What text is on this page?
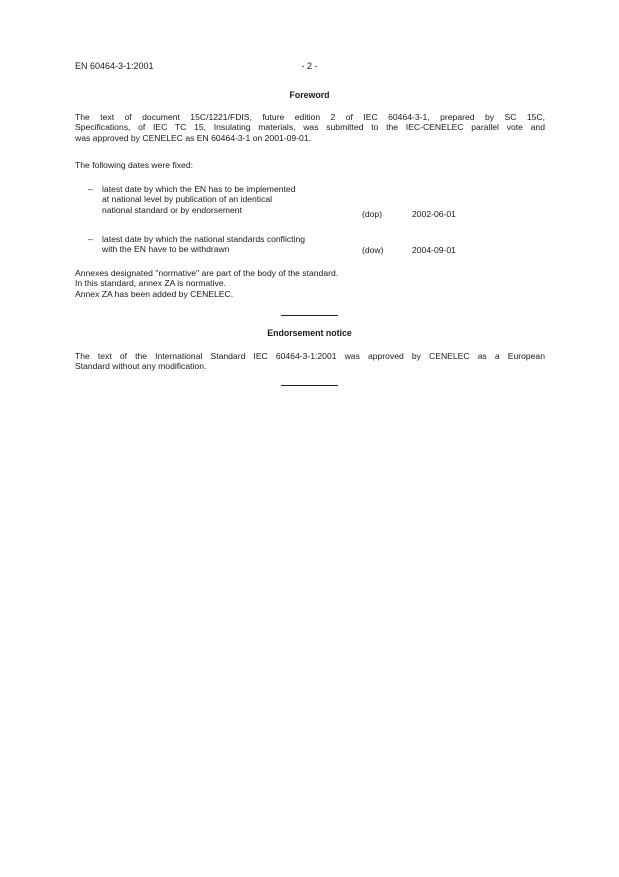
EN 60464-3-1:2001	- 2 -
Foreword
The text of document 15C/1221/FDIS, future edition 2 of IEC 60464-3-1, prepared by SC 15C,
Specifications, of IEC TC 15, Insulating materials, was submitted to the IEC-CENELEC parallel vote and
was approved by CENELEC as EN 60464-3-1 on 2001-09-01.
The following dates were fixed:
– latest date by which the EN has to be implemented
at national level by publication of an identical
national standard or by endorsement	(dop)	2002-06-01
– latest date by which the national standards conflicting
with the EN have to be withdrawn	(dow)	2004-09-01
Annexes designated "normative" are part of the body of the standard.
In this standard, annex ZA is normative.
Annex ZA has been added by CENELEC.
Endorsement notice
The text of the International Standard IEC 60464-3-1:2001 was approved by CENELEC as a European
Standard without any modification.
